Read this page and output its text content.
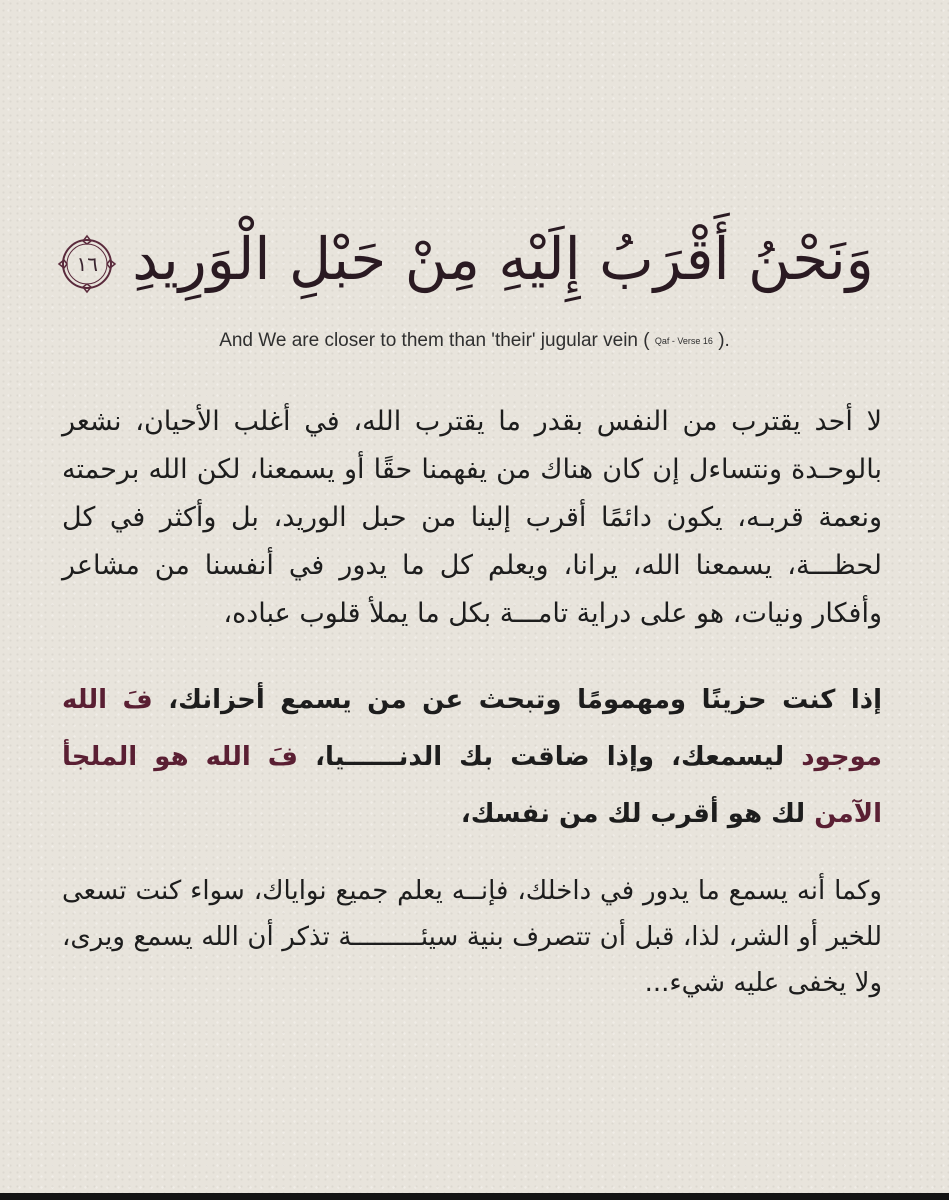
وَنَحْنُ أَقْرَبُ إِلَيْهِ مِنْ حَبْلِ الْوَرِيدِ
١٦
And We are closer to them than 'their' jugular vein ( Qaf - Verse 16 ).
لا أحد يقترب من النفس بقدر ما يقترب الله، في أغلب الأحيان، نشعر بالوحـدة ونتساءل إن كان هناك من يفهمنا حقًا أو يسمعنا، لكن الله برحمته ونعمة قربـه، يكون دائمًا أقرب إلينا من حبل الوريد، بل وأكثر في كل لحظـــة، يسمعنا الله، يرانا، ويعلم كل ما يدور في أنفسنا من مشاعر وأفكار ونيات، هو على دراية تامـــة بكل ما يملأ قلوب عباده،
إذا كنت حزينًا ومهمومًا وتبحث عن من يسمع أحزانك، فَ الله موجود ليسمعك، وإذا ضاقت بك الدنــــــيا، فَ الله هو الملجأ الآمن لك هو أقرب لك من نفسك،
وكما أنه يسمع ما يدور في داخلك، فإنــه يعلم جميع نواياك، سواء كنت تسعى للخير أو الشر، لذا، قبل أن تتصرف بنية سيئـــــــــة تذكر أن الله يسمع ويرى، ولا يخفى عليه شيء...
